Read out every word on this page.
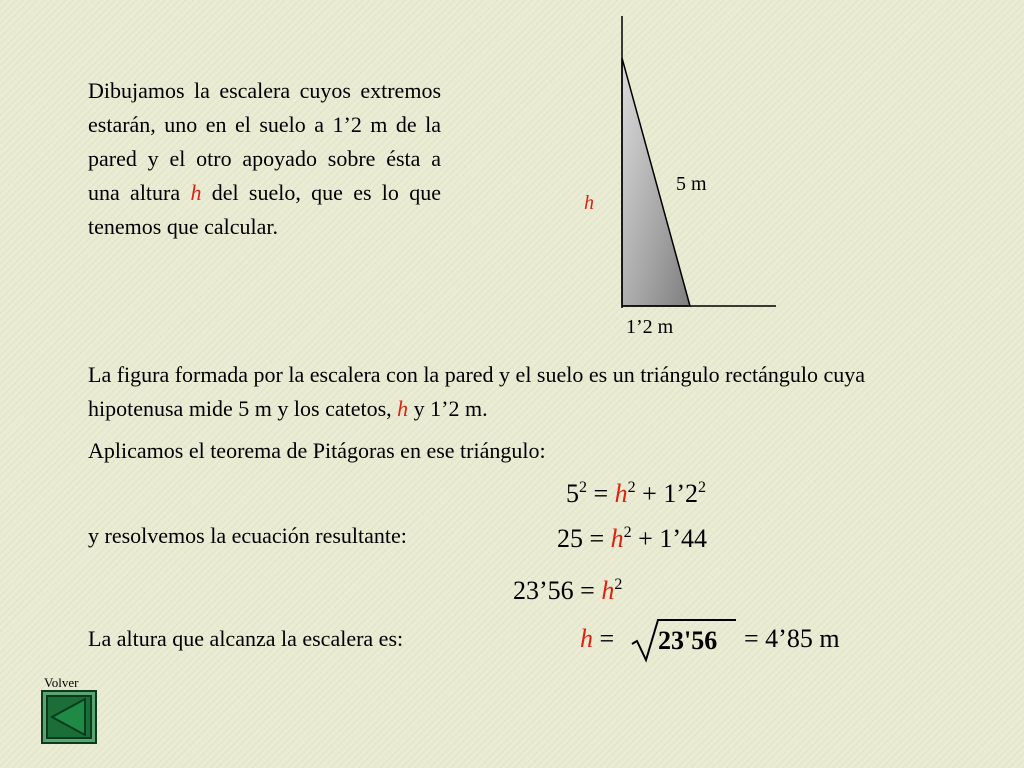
Dibujamos la escalera cuyos extremos estarán, uno en el suelo a 1’2 m de la pared y el otro apoyado sobre ésta a una altura h del suelo, que es lo que tenemos que calcular.
5 m
h
1’2 m
La figura formada por la escalera con la pared y el suelo es un triángulo rectángulo cuya hipotenusa mide 5 m y los catetos, h y 1’2 m.
Aplicamos el teorema de Pitágoras en ese triángulo:
$5^2 = h^2$ + $1’2^2$
y resolvemos la ecuación resultante:	$25 = h^2$ + 1’44
23’56 = $h^2$
La altura que alcanza la escalera es:	h = 23'56 = 4’85 m
Volver
